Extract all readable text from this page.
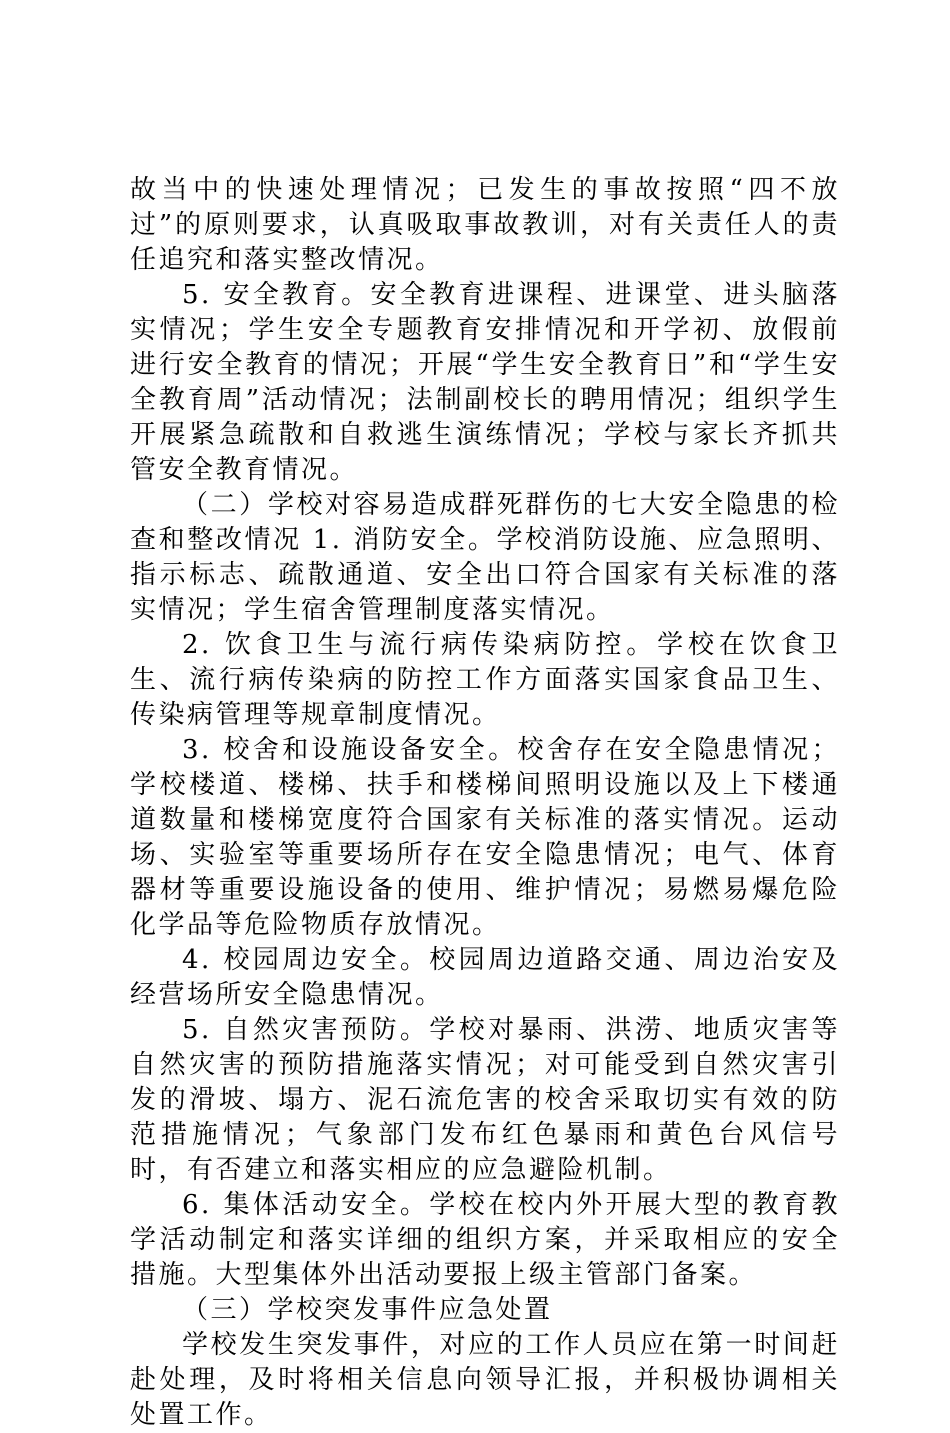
故当中的快速处理情况；已发生的事故按照“四不放过”的原则要求，认真吸取事故教训，对有关责任人的责任追究和落实整改情况。

5. 安全教育。安全教育进课程、进课堂、进头脑落实情况；学生安全专题教育安排情况和开学初、放假前进行安全教育的情况；开展“学生安全教育日”和“学生安全教育周”活动情况；法制副校长的聘用情况；组织学生开展紧急疏散和自救逃生演练情况；学校与家长齐抓共管安全教育情况。

（二）学校对容易造成群死群伤的七大安全隐患的检查和整改情况 1. 消防安全。学校消防设施、应急照明、指示标志、疏散通道、安全出口符合国家有关标准的落实情况；学生宿舍管理制度落实情况。

2. 饮食卫生与流行病传染病防控。学校在饮食卫生、流行病传染病的防控工作方面落实国家食品卫生、传染病管理等规章制度情况。

3. 校舍和设施设备安全。校舍存在安全隐患情况；学校楼道、楼梯、扶手和楼梯间照明设施以及上下楼通道数量和楼梯宽度符合国家有关标准的落实情况。运动场、实验室等重要场所存在安全隐患情况；电气、体育器材等重要设施设备的使用、维护情况；易燃易爆危险化学品等危险物质存放情况。

4. 校园周边安全。校园周边道路交通、周边治安及经营场所安全隐患情况。

5. 自然灾害预防。学校对暴雨、洪涝、地质灾害等自然灾害的预防措施落实情况；对可能受到自然灾害引发的滑坡、塌方、泥石流危害的校舍采取切实有效的防范措施情况；气象部门发布红色暴雨和黄色台风信号时，有否建立和落实相应的应急避险机制。

6. 集体活动安全。学校在校内外开展大型的教育教学活动制定和落实详细的组织方案，并采取相应的安全措施。大型集体外出活动要报上级主管部门备案。

（三）学校突发事件应急处置

学校发生突发事件，对应的工作人员应在第一时间赶赴处理，及时将相关信息向领导汇报，并积极协调相关处置工作。
